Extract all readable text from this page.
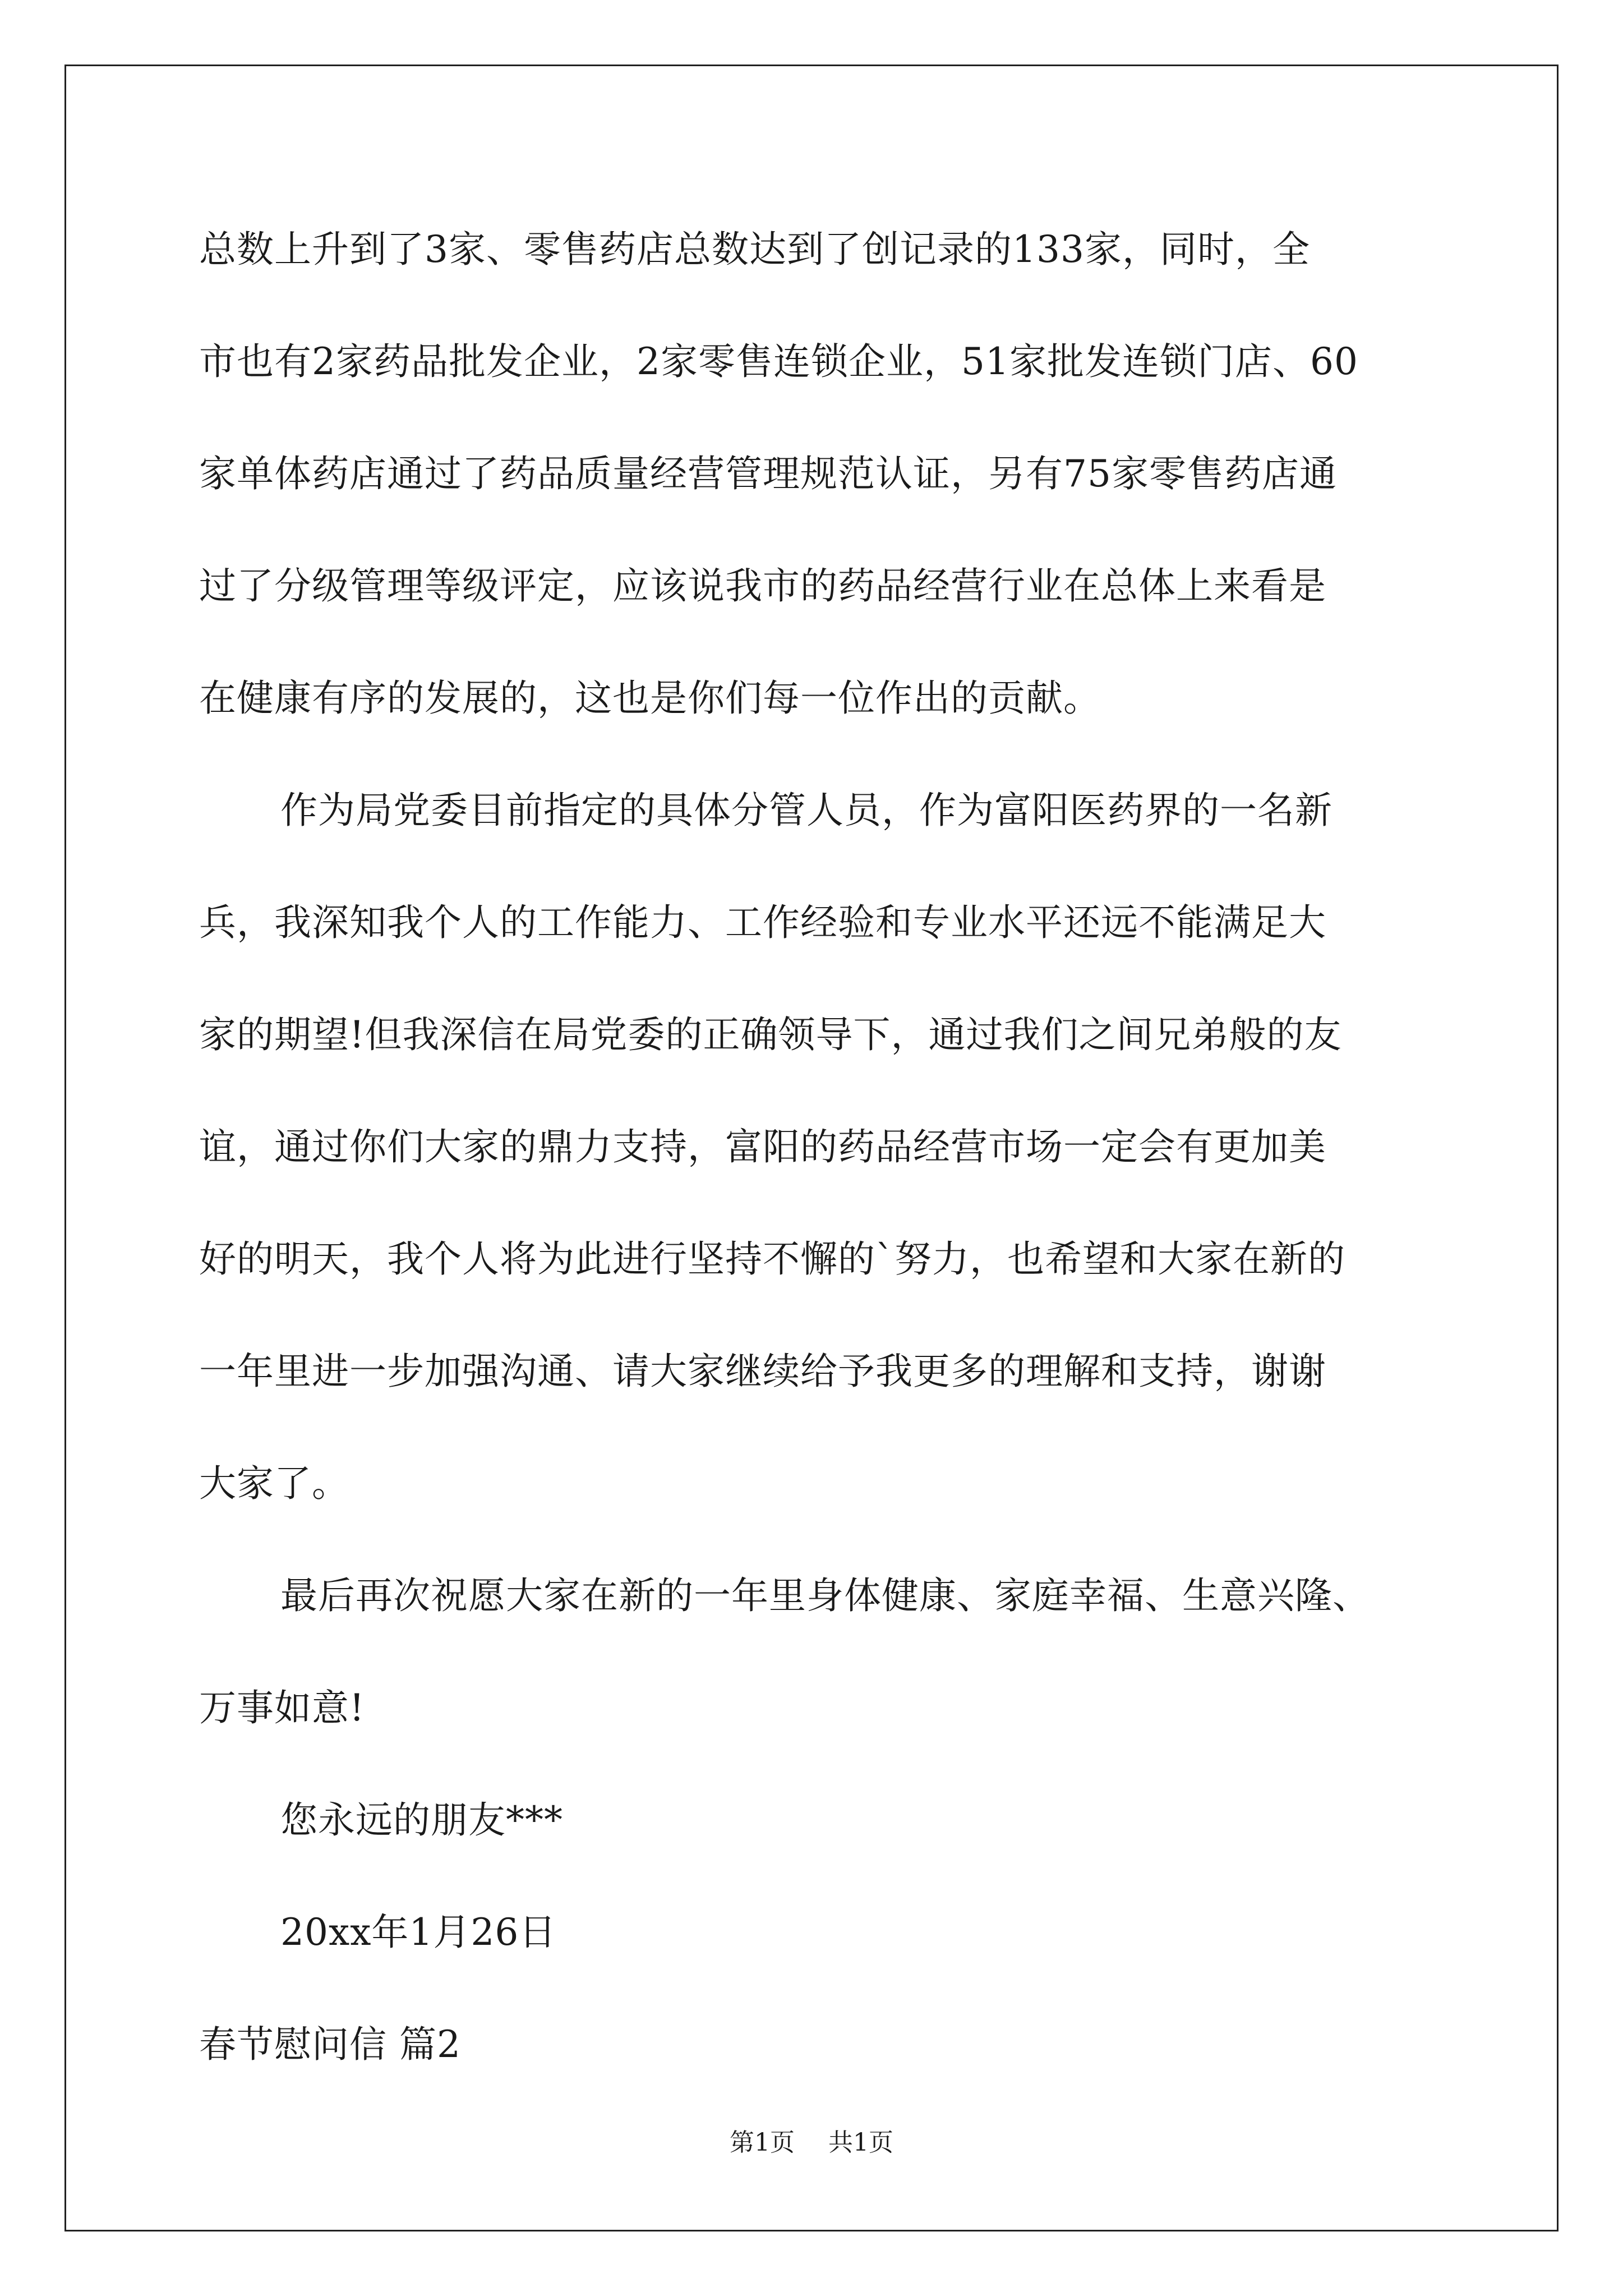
总数上升到了3家、零售药店总数达到了创记录的133家，同时，全
市也有2家药品批发企业，2家零售连锁企业，51家批发连锁门店、60
家单体药店通过了药品质量经营管理规范认证，另有75家零售药店通
过了分级管理等级评定，应该说我市的药品经营行业在总体上来看是
在健康有序的发展的，这也是你们每一位作出的贡献。
作为局党委目前指定的具体分管人员，作为富阳医药界的一名新
兵，我深知我个人的工作能力、工作经验和专业水平还远不能满足大
家的期望!但我深信在局党委的正确领导下，通过我们之间兄弟般的友
谊，通过你们大家的鼎力支持，富阳的药品经营市场一定会有更加美
好的明天，我个人将为此进行坚持不懈的`努力，也希望和大家在新的
一年里进一步加强沟通、请大家继续给予我更多的理解和支持，谢谢
大家了。
最后再次祝愿大家在新的一年里身体健康、家庭幸福、生意兴隆、
万事如意!
您永远的朋友***
20xx年1月26日
春节慰问信 篇2
第1页 共1页
